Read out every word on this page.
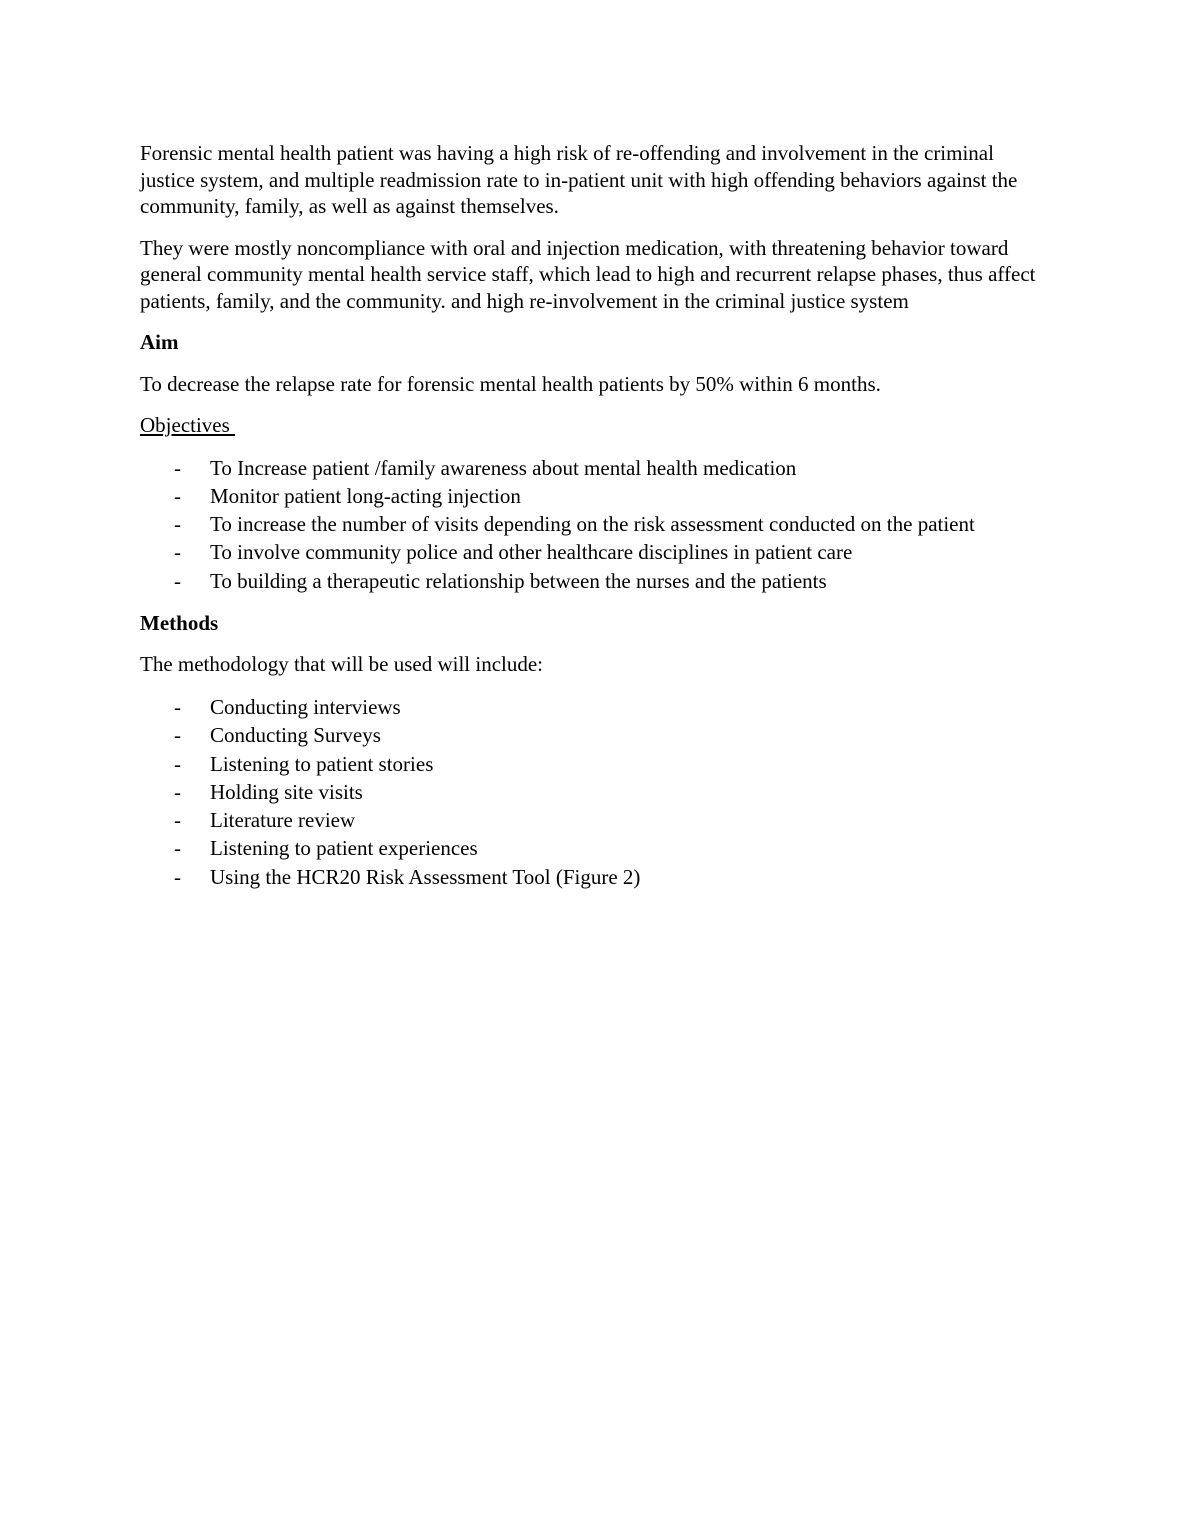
Forensic mental health patient was having a high risk of re-offending and involvement in the criminal justice system, and multiple readmission rate to in-patient unit with high offending behaviors against the community, family, as well as against themselves.

They were mostly noncompliance with oral and injection medication, with threatening behavior toward general community mental health service staff, which lead to high and recurrent relapse phases, thus affect patients, family, and the community. and high re-involvement in the criminal justice system

Aim

To decrease the relapse rate for forensic mental health patients by 50% within 6 months.

Objectives

- To Increase patient /family awareness about mental health medication
- Monitor patient long-acting injection
- To increase the number of visits depending on the risk assessment conducted on the patient
- To involve community police and other healthcare disciplines in patient care
- To building a therapeutic relationship between the nurses and the patients

Methods

The methodology that will be used will include:

- Conducting interviews
- Conducting Surveys
- Listening to patient stories
- Holding site visits
- Literature review
- Listening to patient experiences
- Using the HCR20 Risk Assessment Tool (Figure 2)
